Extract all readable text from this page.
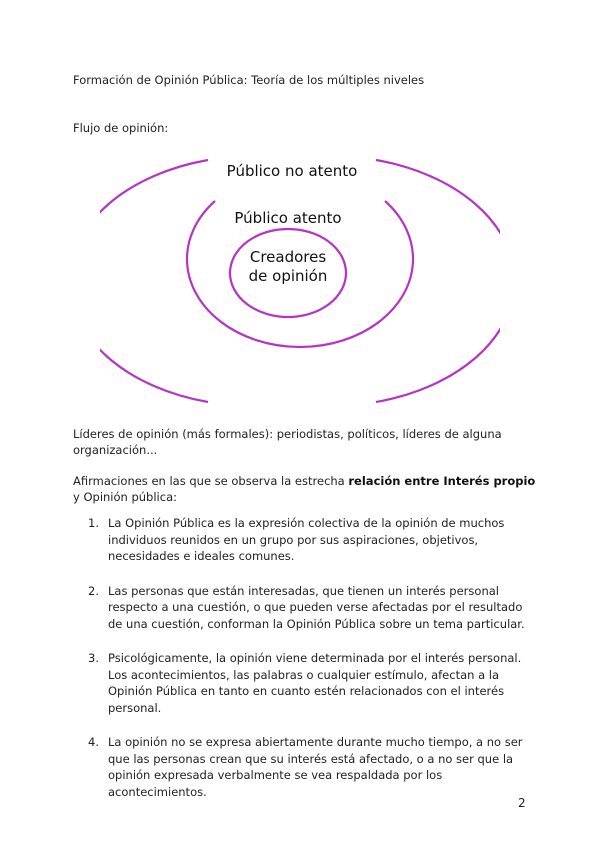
Formación de Opinión Pública: Teoría de los múltiples niveles

Flujo de opinión:

Público no atento
Público atento
Creadores
de opinión

Líderes de opinión (más formales): periodistas, políticos, líderes de alguna organización...

Afirmaciones en las que se observa la estrecha relación entre Interés propio y Opinión pública:

1. La Opinión Pública es la expresión colectiva de la opinión de muchos individuos reunidos en un grupo por sus aspiraciones, objetivos, necesidades e ideales comunes.
2. Las personas que están interesadas, que tienen un interés personal respecto a una cuestión, o que pueden verse afectadas por el resultado de una cuestión, conforman la Opinión Pública sobre un tema particular.
3. Psicológicamente, la opinión viene determinada por el interés personal. Los acontecimientos, las palabras o cualquier estímulo, afectan a la Opinión Pública en tanto en cuanto estén relacionados con el interés personal.
4. La opinión no se expresa abiertamente durante mucho tiempo, a no ser que las personas crean que su interés está afectado, o a no ser que la opinión expresada verbalmente se vea respaldada por los acontecimientos.
2
